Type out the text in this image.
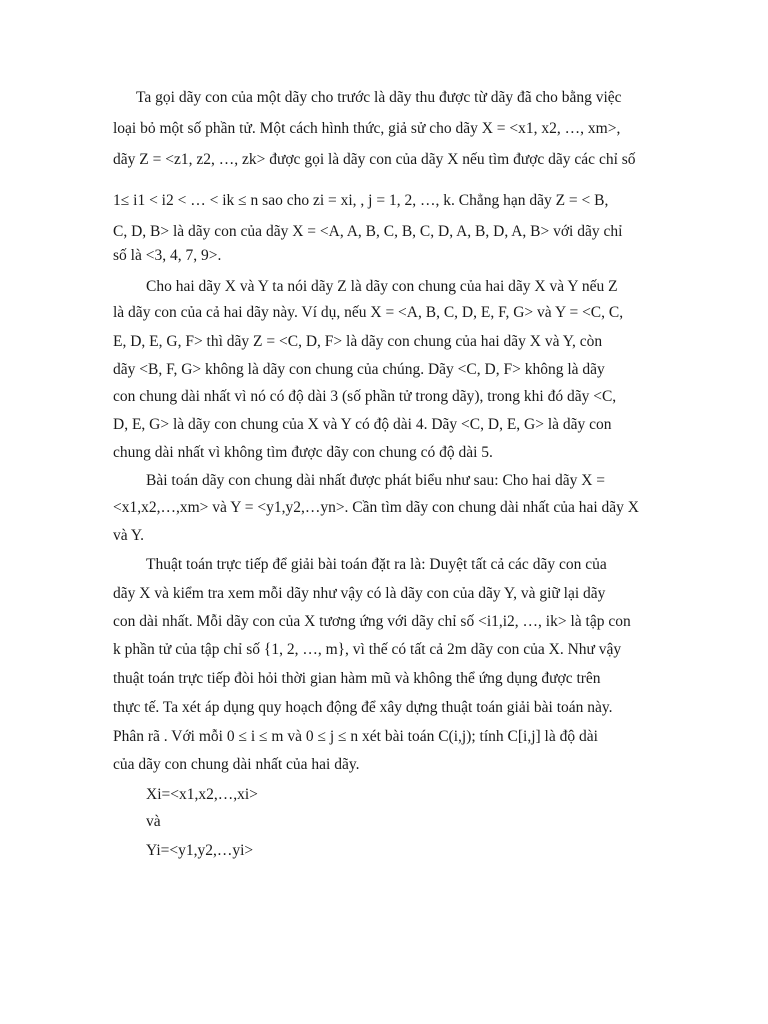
Ta gọi dãy con của một dãy cho trước là dãy thu được từ dãy đã cho bằng việc
loại bỏ một số phần tử. Một cách hình thức, giả sử cho dãy X = <x1, x2, …, xm>,
dãy Z = <z1, z2, …, zk> được gọi là dãy con của dãy X nếu tìm được dãy các chỉ số
1≤ i1 < i2 < … < ik ≤ n sao cho zi = xi, , j = 1, 2, …, k. Chẳng hạn dãy Z = < B,
C, D, B> là dãy con của dãy X = <A, A, B, C, B, C, D, A, B, D, A, B> với dãy chỉ
số là <3, 4, 7, 9>.
Cho hai dãy X và Y ta nói dãy Z là dãy con chung của hai dãy X và Y nếu Z
là dãy con của cả hai dãy này. Ví dụ, nếu X = <A, B, C, D, E, F, G> và Y = <C, C,
E, D, E, G, F> thì dãy Z = <C, D, F> là dãy con chung của hai dãy X và Y, còn
dãy <B, F, G> không là dãy con chung của chúng. Dãy <C, D, F> không là dãy
con chung dài nhất vì nó có độ dài 3 (số phần tử trong dãy), trong khi đó dãy <C,
D, E, G> là dãy con chung của X và Y có độ dài 4. Dãy <C, D, E, G> là dãy con
chung dài nhất vì không tìm được dãy con chung có độ dài 5.
Bài toán dãy con chung dài nhất được phát biểu như sau: Cho hai dãy X =
<x1,x2,…,xm> và Y = <y1,y2,…yn>. Cần tìm dãy con chung dài nhất của hai dãy X
và Y.
Thuật toán trực tiếp để giải bài toán đặt ra là: Duyệt tất cả các dãy con của
dãy X và kiểm tra xem mỗi dãy như vậy có là dãy con của dãy Y, và giữ lại dãy
con dài nhất. Mỗi dãy con của X tương ứng với dãy chỉ số <i1,i2, …, ik> là tập con
k phần tử của tập chỉ số {1, 2, …, m}, vì thế có tất cả 2m dãy con của X. Như vậy
thuật toán trực tiếp đòi hỏi thời gian hàm mũ và không thể ứng dụng được trên
thực tế. Ta xét áp dụng quy hoạch động để xây dựng thuật toán giải bài toán này.
Phân rã . Với mỗi 0 ≤ i ≤ m và 0 ≤ j ≤ n xét bài toán C(i,j); tính C[i,j] là độ dài
của dãy con chung dài nhất của hai dãy.
Xi=<x1,x2,…,xi>
và
Yi=<y1,y2,…yi>
